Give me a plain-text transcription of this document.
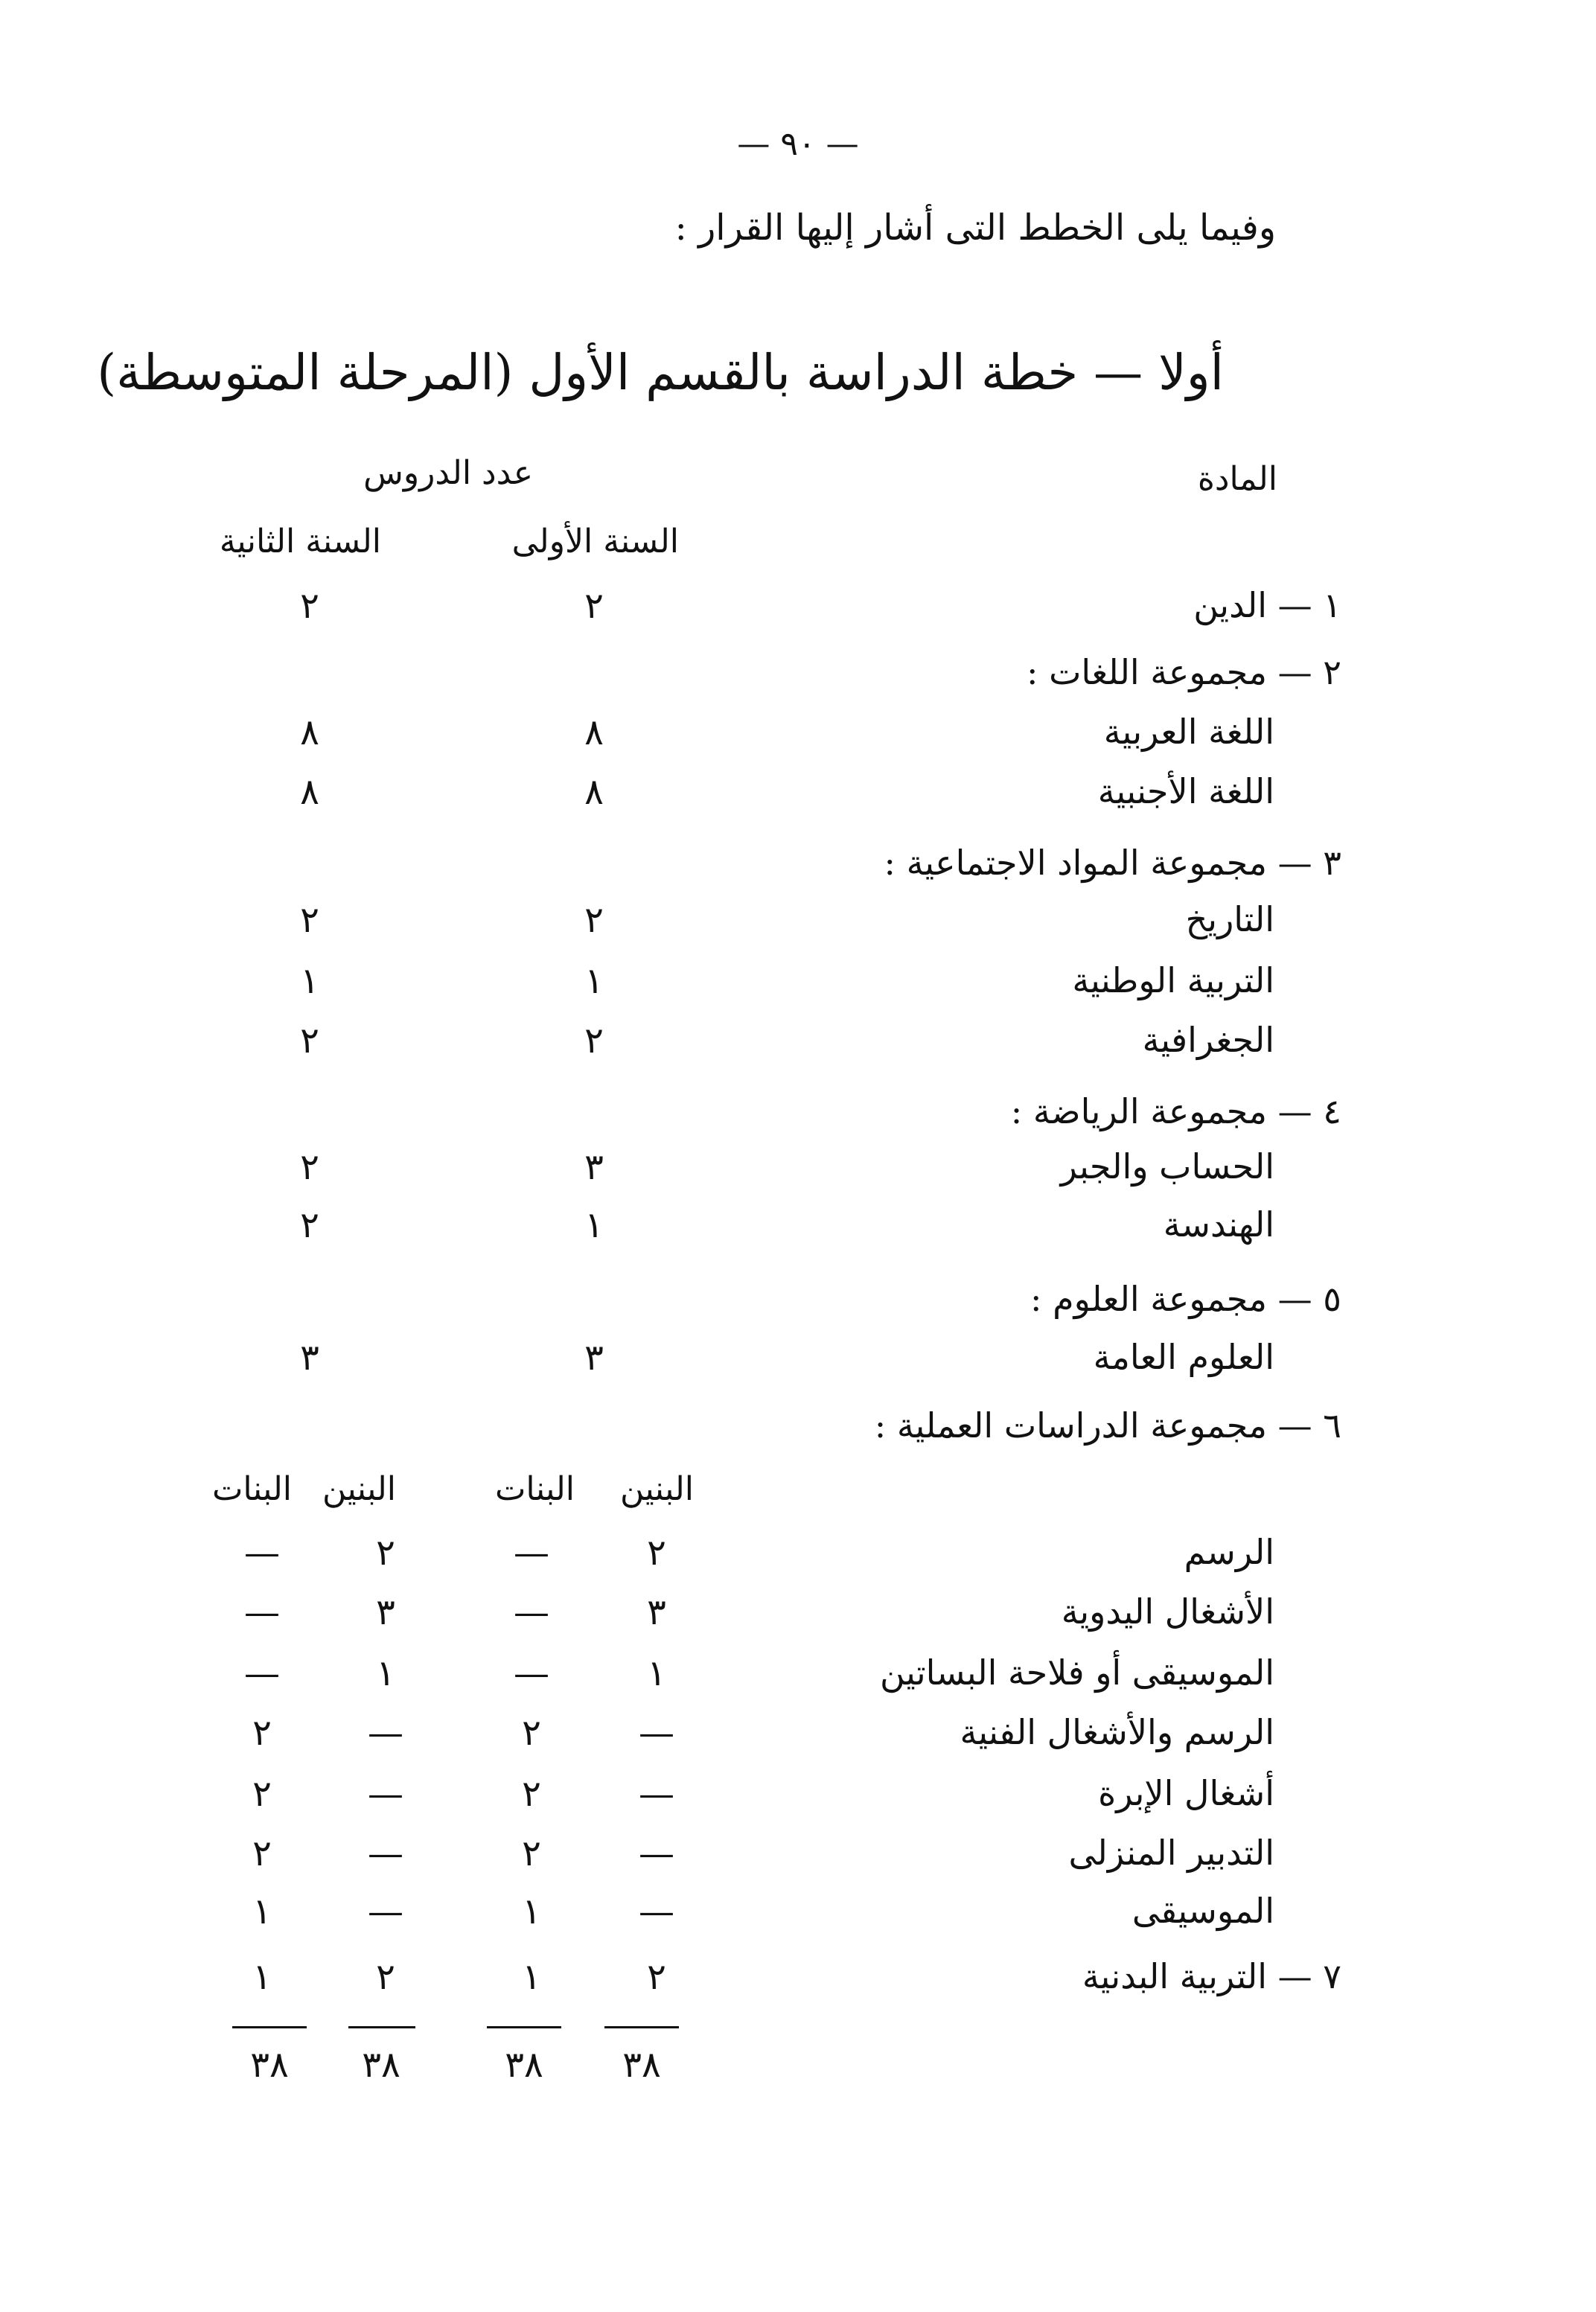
— ٩٠ —
وفيما يلى الخطط التى أشار إليها القرار :
أولا — خطة الدراسة بالقسم الأول (المرحلة المتوسطة)
المادة
عدد الدروس
السنة الأولى
السنة الثانية
١ — الدين
٢
٢
٢ — مجموعة اللغات :
اللغة العربية
٨
٨
اللغة الأجنبية
٨
٨
٣ — مجموعة المواد الاجتماعية :
التاريخ
٢
٢
التربية الوطنية
١
١
الجغرافية
٢
٢
٤ — مجموعة الرياضة :
الحساب والجبر
٣
٢
الهندسة
١
٢
٥ — مجموعة العلوم :
العلوم العامة
٣
٣
٦ — مجموعة الدراسات العملية :
البنين
البنات
البنين
البنات
الرسم
٢
—
٢
—
الأشغال اليدوية
٣
—
٣
—
الموسيقى أو فلاحة البساتين
١
—
١
—
الرسم والأشغال الفنية
—
٢
—
٢
أشغال الإبرة
—
٢
—
٢
التدبير المنزلى
—
٢
—
٢
الموسيقى
—
١
—
١
٧ — التربية البدنية
٢
١
٢
١
٣٨
٣٨
٣٨
٣٨
